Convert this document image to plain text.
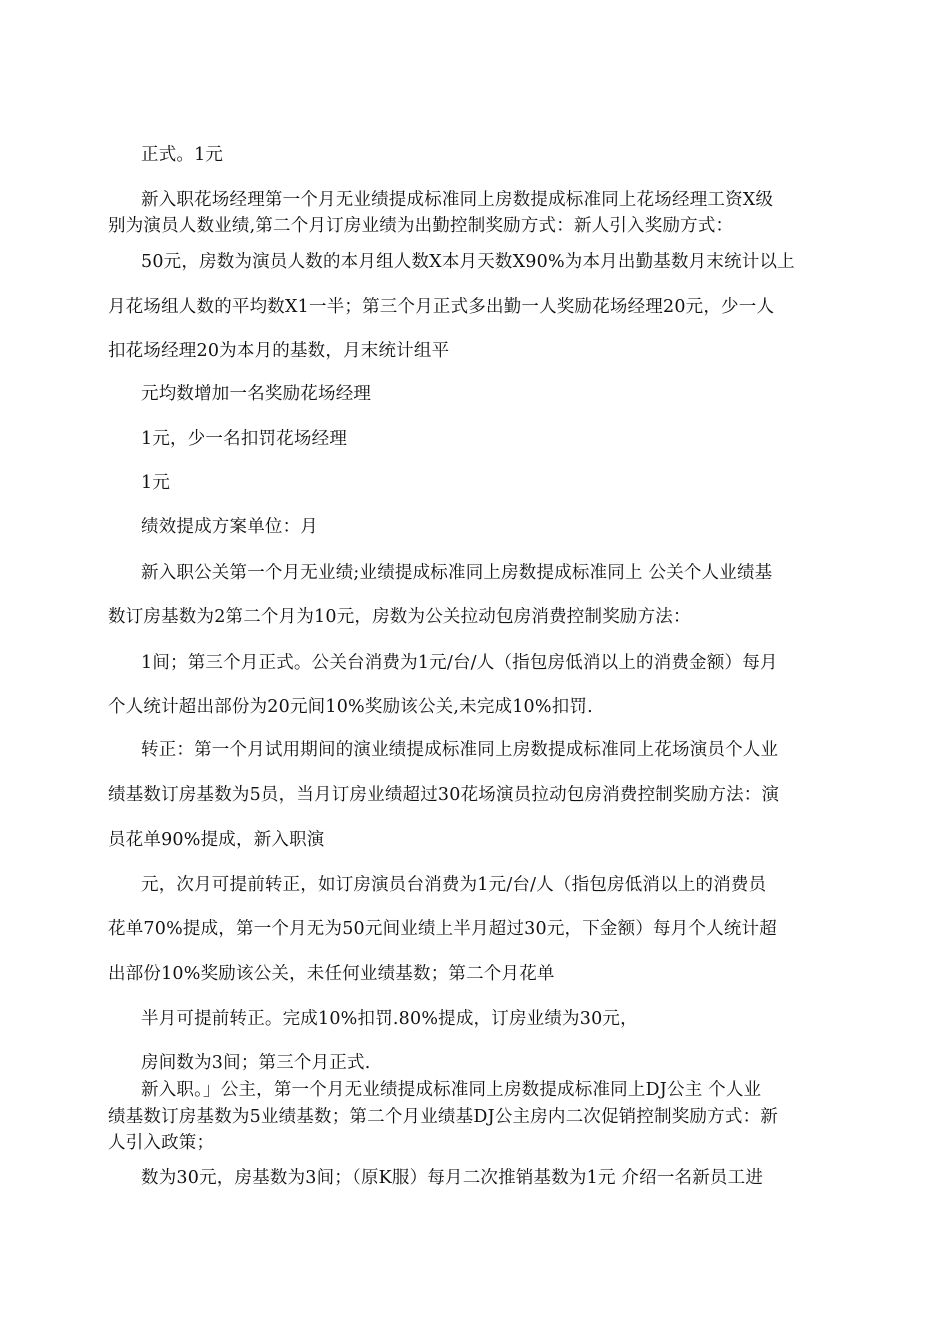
正式。1元
新入职花场经理第一个月无业绩提成标准同上房数提成标准同上花场经理工资X级
别为演员人数业绩,第二个月订房业绩为出勤控制奖励方式：新人引入奖励方式：
50元，房数为演员人数的本月组人数X本月天数X90%为本月出勤基数月末统计以上
月花场组人数的平均数X1一半；第三个月正式多出勤一人奖励花场经理20元，少一人
扣花场经理20为本月的基数，月末统计组平
元均数增加一名奖励花场经理
1元，少一名扣罚花场经理
1元
绩效提成方案单位：月
新入职公关第一个月无业绩;业绩提成标准同上房数提成标准同上 公关个人业绩基
数订房基数为2第二个月为10元，房数为公关拉动包房消费控制奖励方法：
1间；第三个月正式。公关台消费为1元/台/人（指包房低消以上的消费金额）每月
个人统计超出部份为20元间10%奖励该公关,未完成10%扣罚.
转正：第一个月试用期间的演业绩提成标准同上房数提成标准同上花场演员个人业
绩基数订房基数为5员，当月订房业绩超过30花场演员拉动包房消费控制奖励方法：演
员花单90%提成，新入职演
元，次月可提前转正，如订房演员台消费为1元/台/人（指包房低消以上的消费员
花单70%提成，第一个月无为50元间业绩上半月超过30元，下金额）每月个人统计超
出部份10%奖励该公关，未任何业绩基数；第二个月花单
半月可提前转正。完成10%扣罚.80%提成，订房业绩为30元，
房间数为3间；第三个月正式.
新入职。」公主，第一个月无业绩提成标准同上房数提成标准同上DJ公主 个人业
绩基数订房基数为5业绩基数；第二个月业绩基DJ公主房内二次促销控制奖励方式：新
人引入政策；
数为30元，房基数为3间；（原K服）每月二次推销基数为1元 介绍一名新员工进
